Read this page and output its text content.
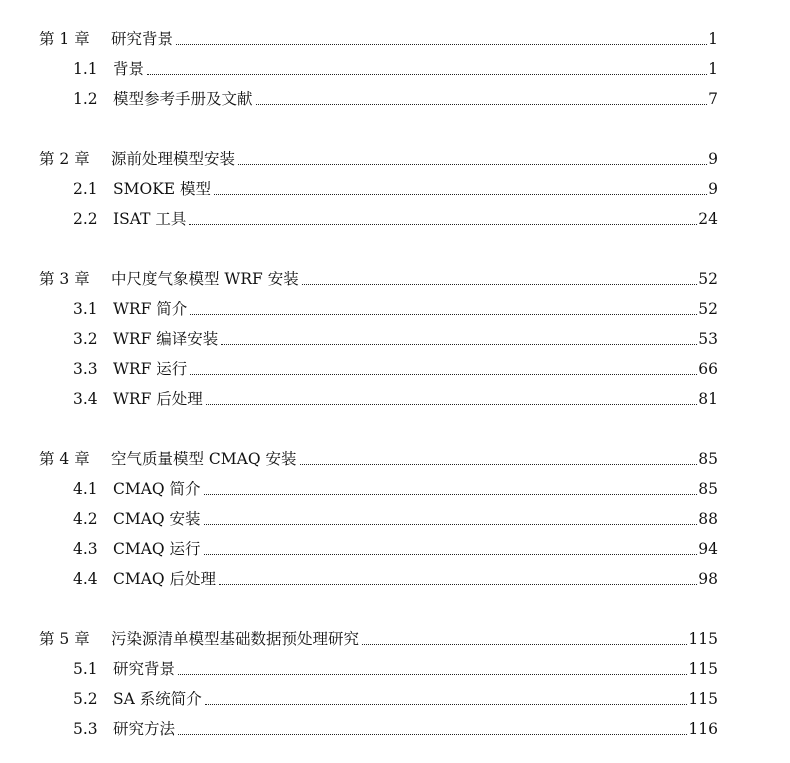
第 1 章 研究背景	1
1.1 背景	1
1.2 模型参考手册及文献	7
第 2 章 源前处理模型安装	9
2.1 SMOKE 模型	9
2.2 ISAT 工具	24
第 3 章 中尺度气象模型 WRF 安装	52
3.1 WRF 简介	52
3.2 WRF 编译安装	53
3.3 WRF 运行	66
3.4 WRF 后处理	81
第 4 章 空气质量模型 CMAQ 安装	85
4.1 CMAQ 简介	85
4.2 CMAQ 安装	88
4.3 CMAQ 运行	94
4.4 CMAQ 后处理	98
第 5 章 污染源清单模型基础数据预处理研究	115
5.1 研究背景	115
5.2 SA 系统简介	115
5.3 研究方法	116
